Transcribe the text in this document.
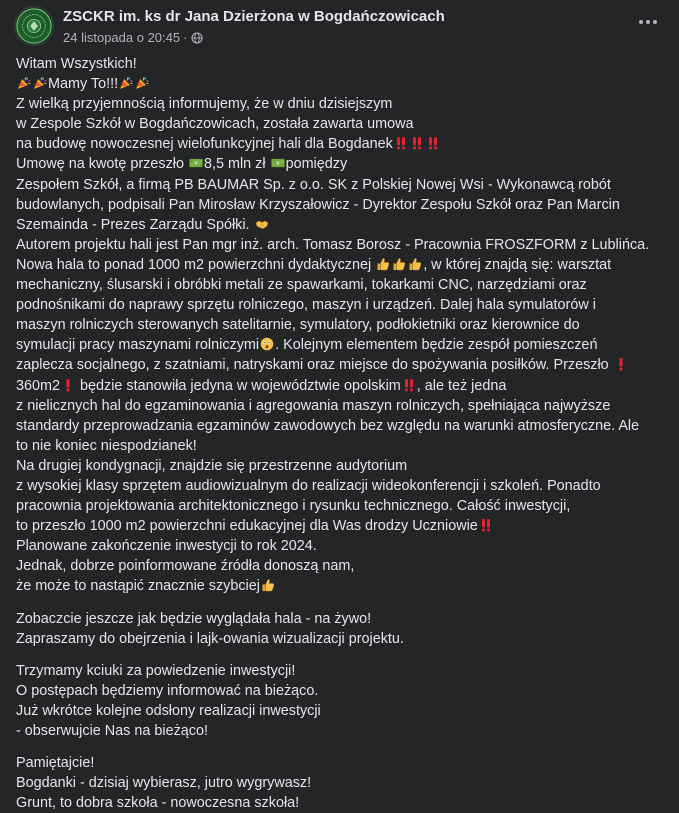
ZSCKR im. ks dr Jana Dzierżona w Bogdańczowicach
24 listopada o 20:45 ·
Witam Wszystkich!
Mamy To!!!
Z wielką przyjemnością informujemy, że w dniu dzisiejszym
w Zespole Szkół w Bogdańczowicach, została zawarta umowa
na budowę nowoczesnej wielofunkcyjnej hali dla Bogdanek
Umowę na kwotę przeszło
8,5 mln zł
pomiędzy
Zespołem Szkół, a firmą PB BAUMAR Sp. z o.o. SK z Polskiej Nowej Wsi - Wykonawcą robót
budowlanych, podpisali Pan Mirosław Krzyszałowicz - Dyrektor Zespołu Szkół oraz Pan Marcin
Szemainda - Prezes Zarządu Spółki.
Autorem projektu hali jest Pan mgr inż. arch. Tomasz Borosz - Pracownia FROSZFORM z Lublińca.
Nowa hala to ponad 1000 m2 powierzchni dydaktycznej	, w której znajdą się: warsztat
mechaniczny, ślusarski i obróbki metali ze spawarkami, tokarkami CNC, narzędziami oraz
podnośnikami do naprawy sprzętu rolniczego, maszyn i urządzeń. Dalej hala symulatorów i
maszyn rolniczych sterowanych satelitarnie, symulatory, podłokietniki oraz kierownice do
symulacji pracy maszynami rolniczymi . Kolejnym elementem będzie zespół pomieszczeń
zaplecza socjalnego, z szatniami, natryskami oraz miejsce do spożywania posiłków. Przeszło
360m2
będzie stanowiła jedyna w województwie opolskim , ale też jedna
z nielicznych hal do egzaminowania i agregowania maszyn rolniczych, spełniająca najwyższe
standardy przeprowadzania egzaminów zawodowych bez względu na warunki atmosferyczne. Ale
to nie koniec niespodzianek!
Na drugiej kondygnacji, znajdzie się przestrzenne audytorium
z wysokiej klasy sprzętem audiowizualnym do realizacji wideokonferencji i szkoleń. Ponadto
pracownia projektowania architektonicznego i rysunku technicznego. Całość inwestycji,
to przeszło 1000 m2 powierzchni edukacyjnej dla Was drodzy Uczniowie
Planowane zakończenie inwestycji to rok 2024.
Jednak, dobrze poinformowane źródła donoszą nam,
że może to nastąpić znacznie szybciej
Zobaczcie jeszcze jak będzie wyglądała hala - na żywo!
Zapraszamy do obejrzenia i lajk-owania wizualizacji projektu.
Trzymamy kciuki za powiedzenie inwestycji!
O postępach będziemy informować na bieżąco.
Już wkrótce kolejne odsłony realizacji inwestycji
- obserwujcie Nas na bieżąco!
Pamiętajcie!
Bogdanki - dzisiaj wybierasz, jutro wygrywasz!
Grunt, to dobra szkoła - nowoczesna szkoła!
